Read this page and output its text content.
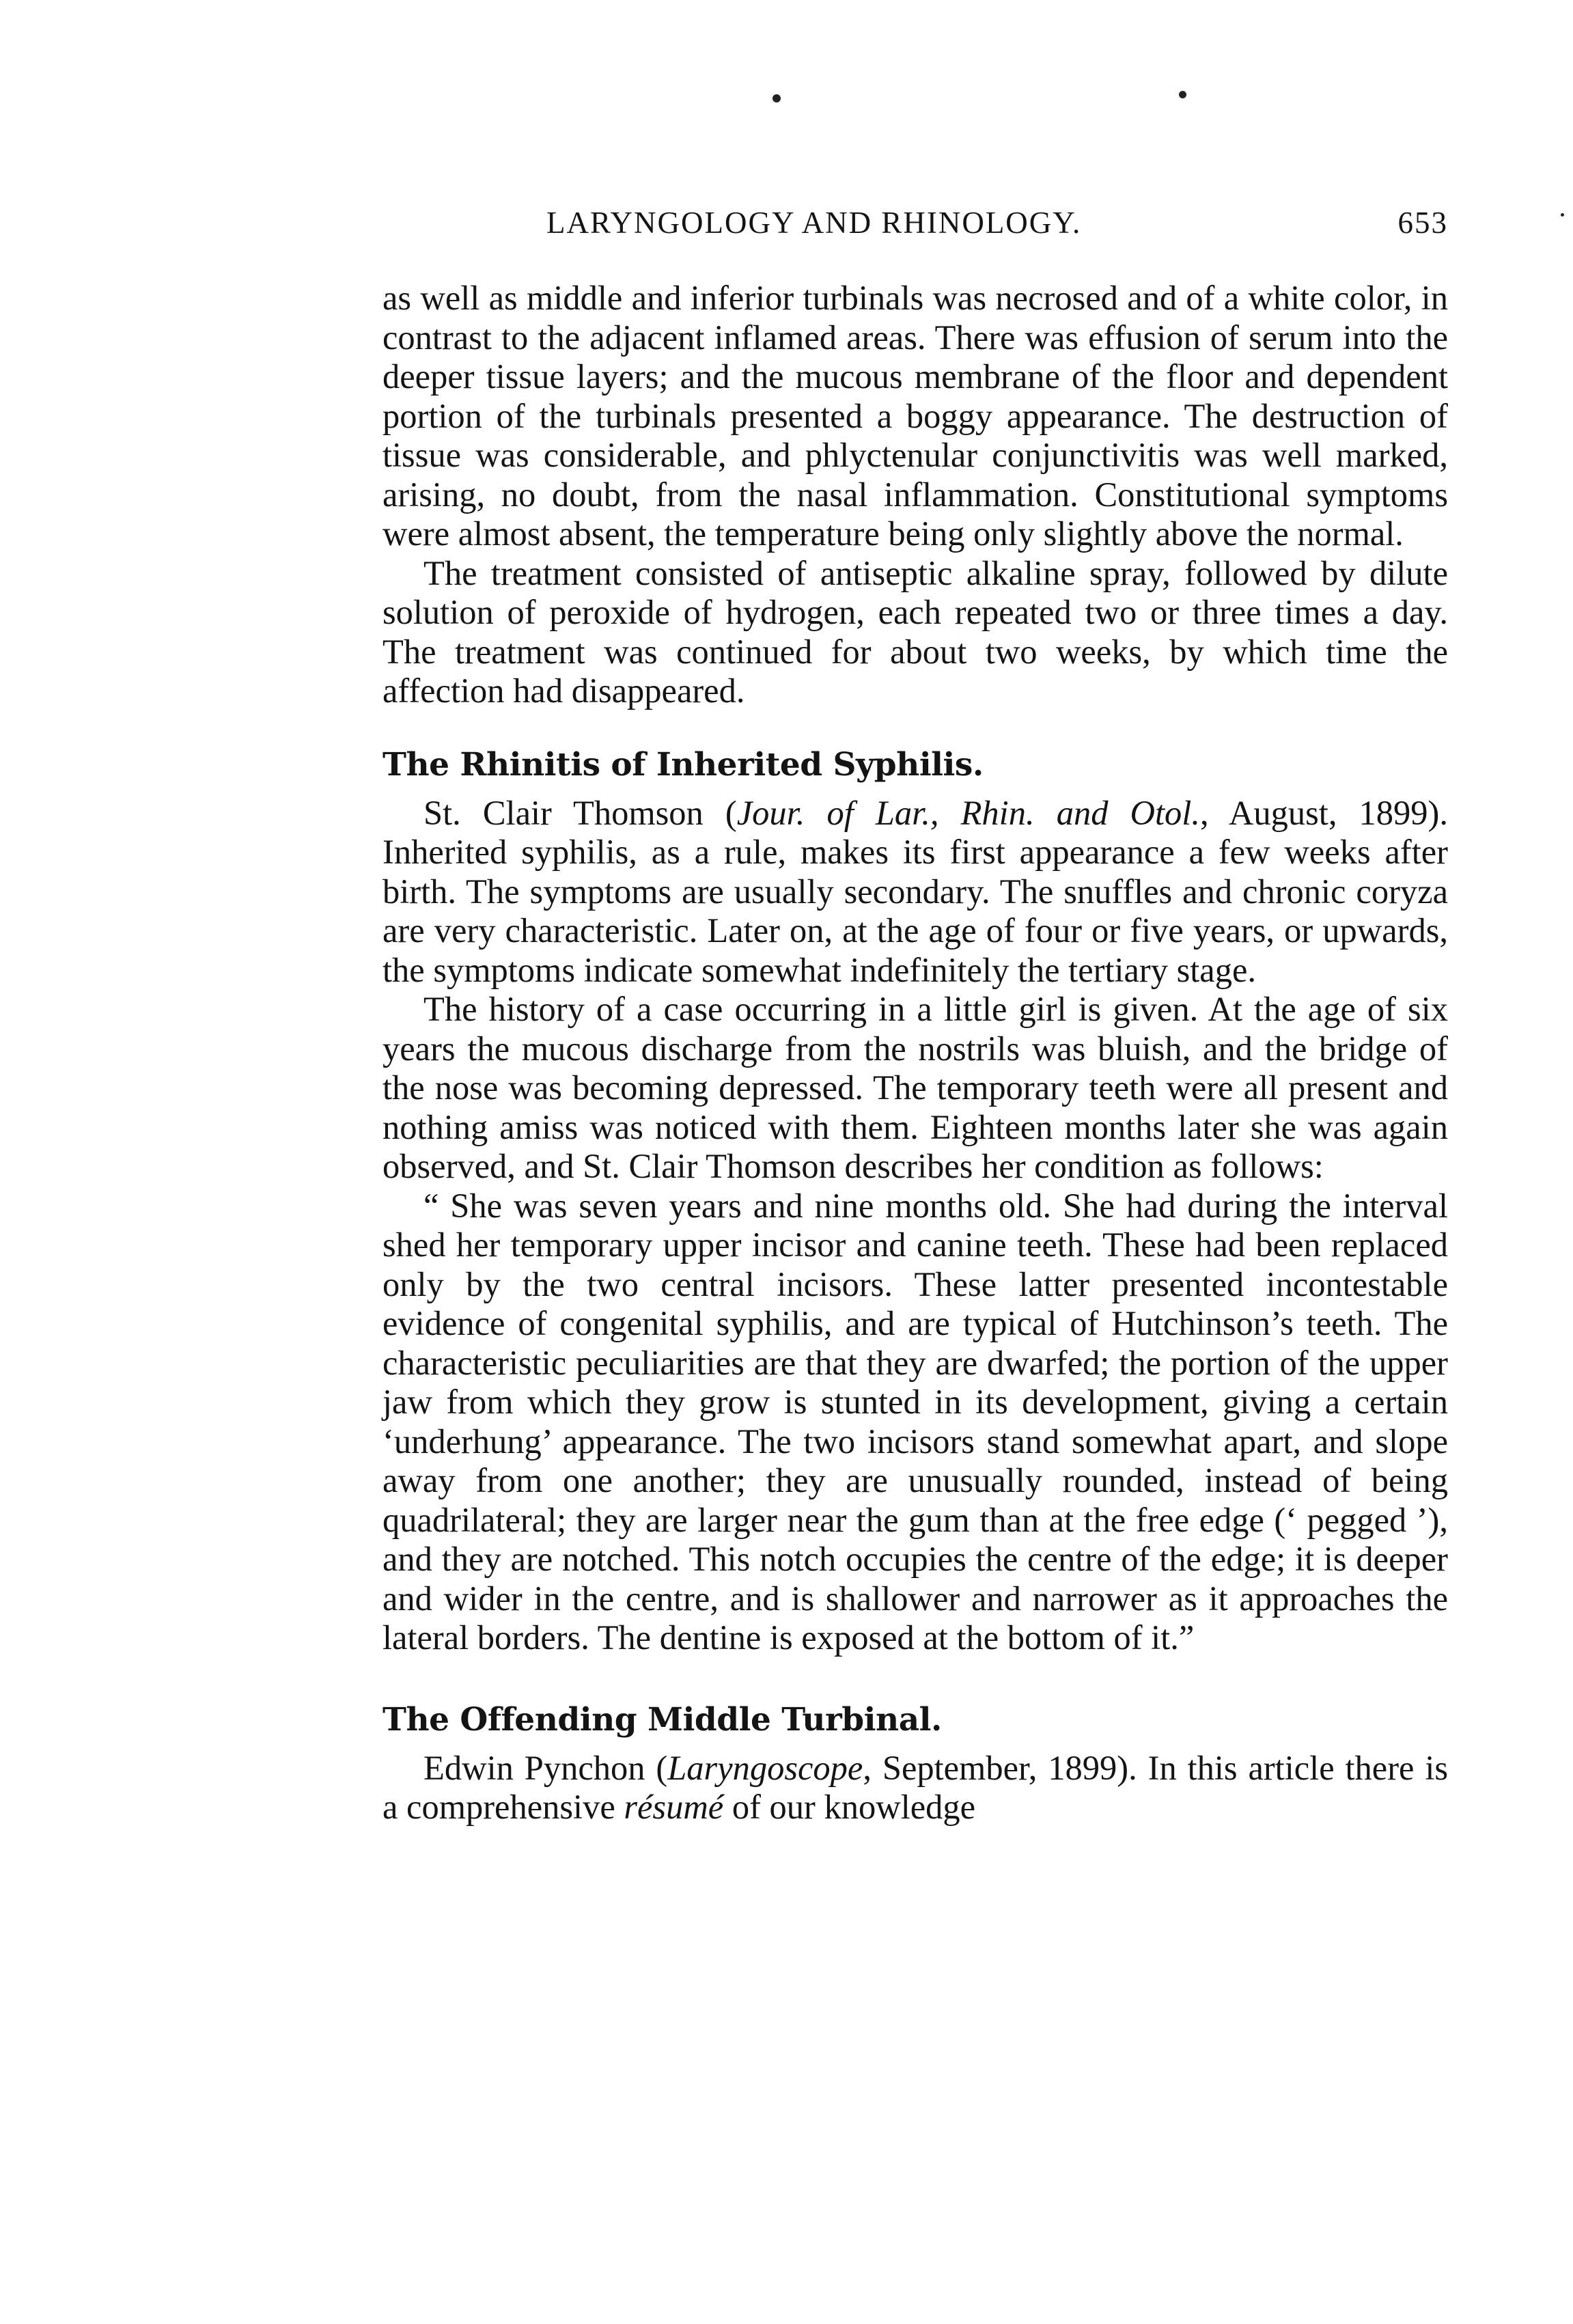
LARYNGOLOGY AND RHINOLOGY.	653

as well as middle and inferior turbinals was necrosed and of a white color, in contrast to the adjacent inflamed areas. There was effusion of serum into the deeper tissue layers; and the mucous membrane of the floor and dependent portion of the turbinals presented a boggy appearance. The destruction of tissue was considerable, and phlyctenular conjunctivitis was well marked, arising, no doubt, from the nasal inflammation. Constitutional symptoms were almost absent, the temperature being only slightly above the normal.

The treatment consisted of antiseptic alkaline spray, followed by dilute solution of peroxide of hydrogen, each repeated two or three times a day. The treatment was continued for about two weeks, by which time the affection had disappeared.

The Rhinitis of Inherited Syphilis.

St. Clair Thomson (Jour. of Lar., Rhin. and Otol., August, 1899). Inherited syphilis, as a rule, makes its first appearance a few weeks after birth. The symptoms are usually secondary. The snuffles and chronic coryza are very characteristic. Later on, at the age of four or five years, or upwards, the symptoms indicate somewhat indefinitely the tertiary stage.

The history of a case occurring in a little girl is given. At the age of six years the mucous discharge from the nostrils was bluish, and the bridge of the nose was becoming depressed. The temporary teeth were all present and nothing amiss was noticed with them. Eighteen months later she was again observed, and St. Clair Thomson describes her condition as follows:

“ She was seven years and nine months old. She had during the interval shed her temporary upper incisor and canine teeth. These had been replaced only by the two central incisors. These latter presented incontestable evidence of congenital syphilis, and are typical of Hutchinson’s teeth. The characteristic peculiarities are that they are dwarfed; the portion of the upper jaw from which they grow is stunted in its development, giving a certain ‘underhung’ appearance. The two incisors stand somewhat apart, and slope away from one another; they are unusually rounded, instead of being quadrilateral; they are larger near the gum than at the free edge (‘ pegged ’), and they are notched. This notch occupies the centre of the edge; it is deeper and wider in the centre, and is shallower and narrower as it approaches the lateral borders. The dentine is exposed at the bottom of it.”

The Offending Middle Turbinal.

Edwin Pynchon (Laryngoscope, September, 1899). In this article there is a comprehensive résumé of our knowledge
